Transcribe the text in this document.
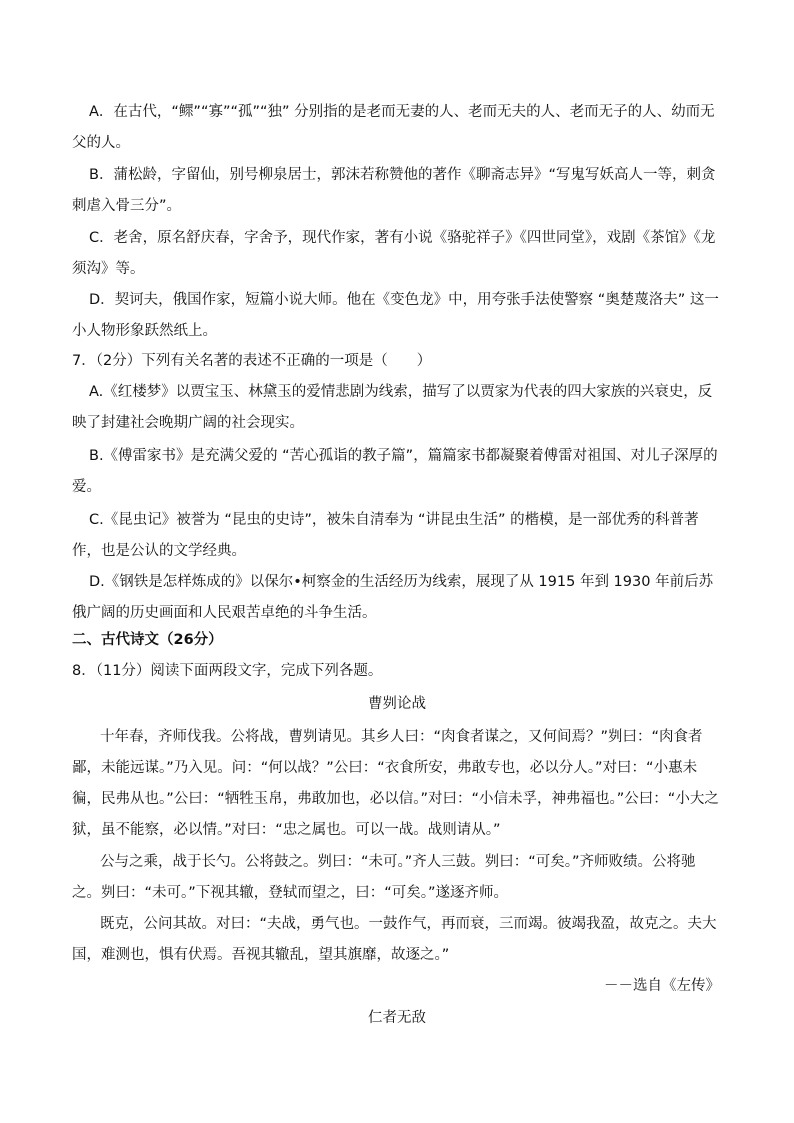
A．在古代，“鳏”“寡”“孤”“独” 分别指的是老而无妻的人、老而无夫的人、老而无子的人、幼而无父的人。

B．蒲松龄，字留仙，别号柳泉居士，郭沫若称赞他的著作《聊斋志异》“写鬼写妖高人一等，刺贪刺虐入骨三分”。

C．老舍，原名舒庆春，字舍予，现代作家，著有小说《骆驼祥子》《四世同堂》，戏剧《茶馆》《龙须沟》等。

D．契诃夫，俄国作家，短篇小说大师。他在《变色龙》中，用夸张手法使警察 “奥楚蔑洛夫” 这一小人物形象跃然纸上。

7．（2分）下列有关名著的表述不正确的一项是（　　）

A.《红楼梦》以贾宝玉、林黛玉的爱情悲剧为线索，描写了以贾家为代表的四大家族的兴衰史，反映了封建社会晚期广阔的社会现实。

B.《傅雷家书》是充满父爱的 “苦心孤诣的教子篇”，篇篇家书都凝聚着傅雷对祖国、对儿子深厚的爱。

C.《昆虫记》被誉为 “昆虫的史诗”，被朱自清奉为 “讲昆虫生活” 的楷模，是一部优秀的科普著作，也是公认的文学经典。

D.《钢铁是怎样炼成的》以保尔•柯察金的生活经历为线索，展现了从 1915 年到 1930 年前后苏俄广阔的历史画面和人民艰苦卓绝的斗争生活。

二、古代诗文（26分）

8．（11分）阅读下面两段文字，完成下列各题。

曹刿论战

十年春，齐师伐我。公将战，曹刿请见。其乡人曰：“肉食者谋之，又何间焉？”刿曰：“肉食者鄙，未能远谋。”乃入见。问：“何以战？”公曰：“衣食所安，弗敢专也，必以分人。”对曰：“小惠未徧，民弗从也。”公曰：“牺牲玉帛，弗敢加也，必以信。”对曰：“小信未孚，神弗福也。”公曰：“小大之狱，虽不能察，必以情。”对曰：“忠之属也。可以一战。战则请从。”

公与之乘，战于长勺。公将鼓之。刿曰：“未可。”齐人三鼓。刿曰：“可矣。”齐师败绩。公将驰之。刿曰：“未可。”下视其辙，登轼而望之，曰：“可矣。”遂逐齐师。

既克，公问其故。对曰：“夫战，勇气也。一鼓作气，再而衰，三而竭。彼竭我盈，故克之。夫大国，难测也，惧有伏焉。吾视其辙乱，望其旗靡，故逐之。”

－－选自《左传》

仁者无敌
